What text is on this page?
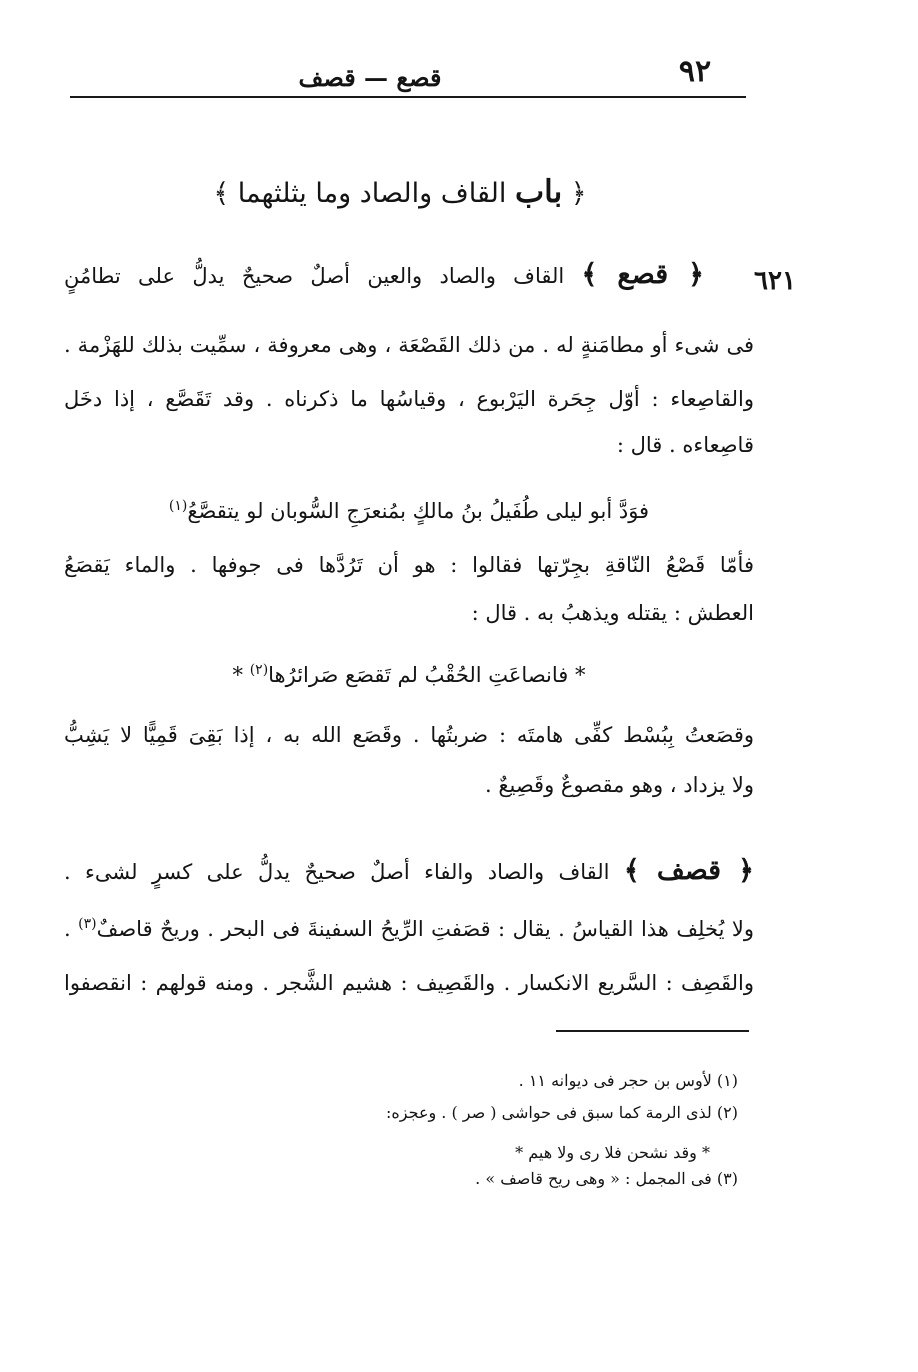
٩٢
قصع — قصف
﴿ باب القاف والصاد وما يثلثهما ﴾
٦٢١
﴿ قصع ﴾ القاف والصاد والعين أصلٌ صحيحٌ يدلُّ على تطامُنٍ
فى شىء أو مطامَنةٍ له . من ذلك القَصْعَة ، وهى معروفة ، سمِّيت بذلك للهَزْمة .
والقاصِعاء : أوّل جِحَرة اليَرْبوع ، وقياسُها ما ذكرناه . وقد تَقَصَّع ، إذا دخَل
قاصِعاءه . قال :
فوَدَّ أبو ليلى طُفَيلُ بنُ مالكٍ بمُنعرَجِ السُّوبان لو يتقصَّعُ$^{(١)}$
فأمّا قَصْعُ النّاقةِ بجِرّتها فقالوا : هو أن تَرُدَّها فى جوفها . والماء يَقصَعُ
العطش : يقتله ويذهبُ به . قال :
* فانصاعَتِ الحُقْبُ لم تَقصَع صَرائرُها$^{(٢)}$ *
وقصَعتُ بِبُسْط كفِّى هامتَه : ضربتُها . وقَصَع الله به ، إذا بَقِىَ قَمِيًّا لا يَشِبُّ
ولا يزداد ، وهو مقصوعٌ وقَصِيعٌ .
﴿ قصف ﴾ القاف والصاد والفاء أصلٌ صحيحٌ يدلُّ على كسرٍ لشىء .
ولا يُخلِف هذا القياسُ . يقال : قصَفتِ الرِّيحُ السفينةَ فى البحر . وريحٌ قاصفٌ$^{(٣)}$ .
والقَصِف : السَّريع الانكسار . والقَصِيف : هشيم الشَّجر . ومنه قولهم : انقصفوا
(١) لأوس بن حجر فى ديوانه ١١ .
(٢) لذى الرمة كما سبق فى حواشى ( صر ) . وعجزه:
* وقد نشحن فلا رى ولا هيم *
(٣) فى المجمل : « وهى ريح قاصف » .
